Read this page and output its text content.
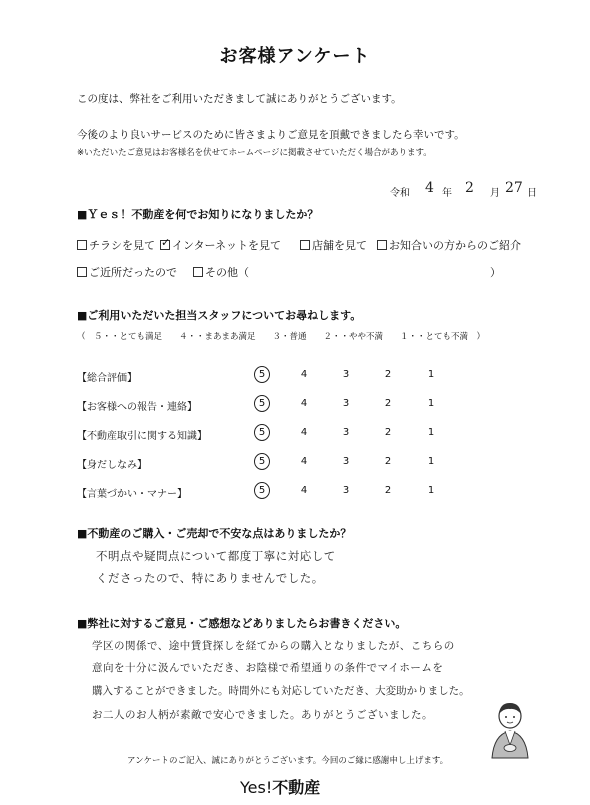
お客様アンケート
この度は、弊社をご利用いただきまして誠にありがとうございます。
今後のより良いサービスのために皆さまよりご意見を頂戴できましたら幸いです。
※いただいたご意見はお客様名を伏せてホームページに掲載させていただく場合があります。
令和 4 年 2 月 27 日
■Ｙｅｓ！不動産を何でお知りになりましたか？
チラシを見て ✓ インターネットを見て	店舗を見て	お知合いの方からのご紹介
ご近所だったので	その他（	）
■ご利用いただいた担当スタッフについてお尋ねします。
（　５・・とても満足　　４・・まあまあ満足　　３・普通　　２・・やや不満　　１・・とても不満　）
【総合評価】	5	4	3	2	1
【お客様への報告・連絡】	5	4	3	2	1
【不動産取引に関する知識】	5	4	3	2	1
【身だしなみ】	5	4	3	2	1
【言葉づかい・マナー】	5	4	3	2	1
■不動産のご購入・ご売却で不安な点はありましたか？
不明点や疑問点について都度丁寧に対応して
くださったので、特にありませんでした。
■弊社に対するご意見・ご感想などありましたらお書きください。
学区の関係で、途中賃貸探しを経てからの購入となりましたが、こちらの
意向を十分に汲んでいただき、お陰様で希望通りの条件でマイホームを
購入することができました。時間外にも対応していただき、大変助かりました。
お二人のお人柄が素敵で安心できました。ありがとうございました。
アンケートのご記入、誠にありがとうございます。今回のご縁に感謝申し上げます。
Yes!不動産
